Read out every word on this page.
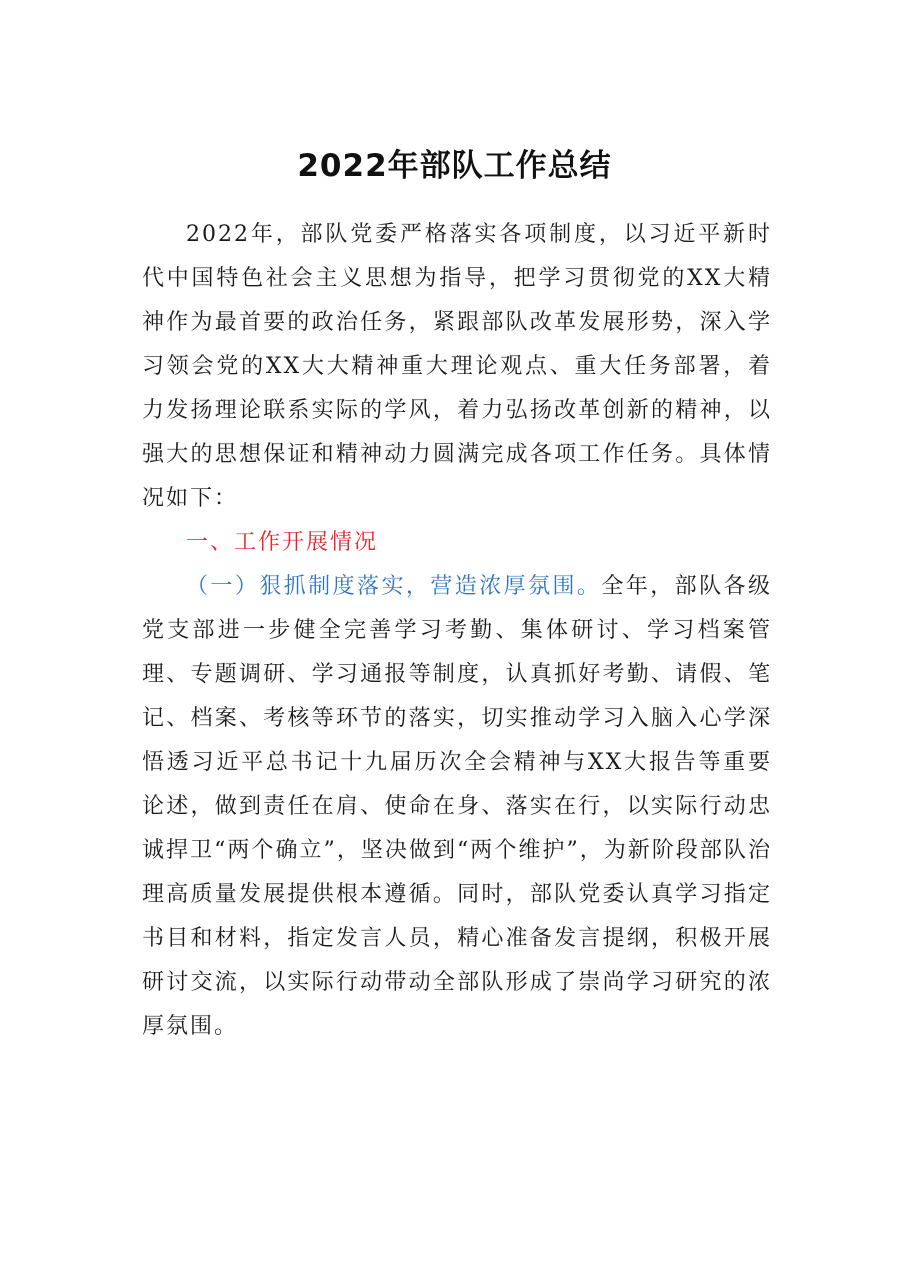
2022年部队工作总结

2022年，部队党委严格落实各项制度，以习近平新时代中国特色社会主义思想为指导，把学习贯彻党的XX大精神作为最首要的政治任务，紧跟部队改革发展形势，深入学习领会党的XX大大精神重大理论观点、重大任务部署，着力发扬理论联系实际的学风，着力弘扬改革创新的精神，以强大的思想保证和精神动力圆满完成各项工作任务。具体情况如下：

一、工作开展情况

（一）狠抓制度落实，营造浓厚氛围。全年，部队各级党支部进一步健全完善学习考勤、集体研讨、学习档案管理、专题调研、学习通报等制度，认真抓好考勤、请假、笔记、档案、考核等环节的落实，切实推动学习入脑入心学深悟透习近平总书记十九届历次全会精神与XX大报告等重要论述，做到责任在肩、使命在身、落实在行，以实际行动忠诚捍卫“两个确立”，坚决做到“两个维护”，为新阶段部队治理高质量发展提供根本遵循。同时，部队党委认真学习指定书目和材料，指定发言人员，精心准备发言提纲，积极开展研讨交流，以实际行动带动全部队形成了崇尚学习研究的浓厚氛围。
